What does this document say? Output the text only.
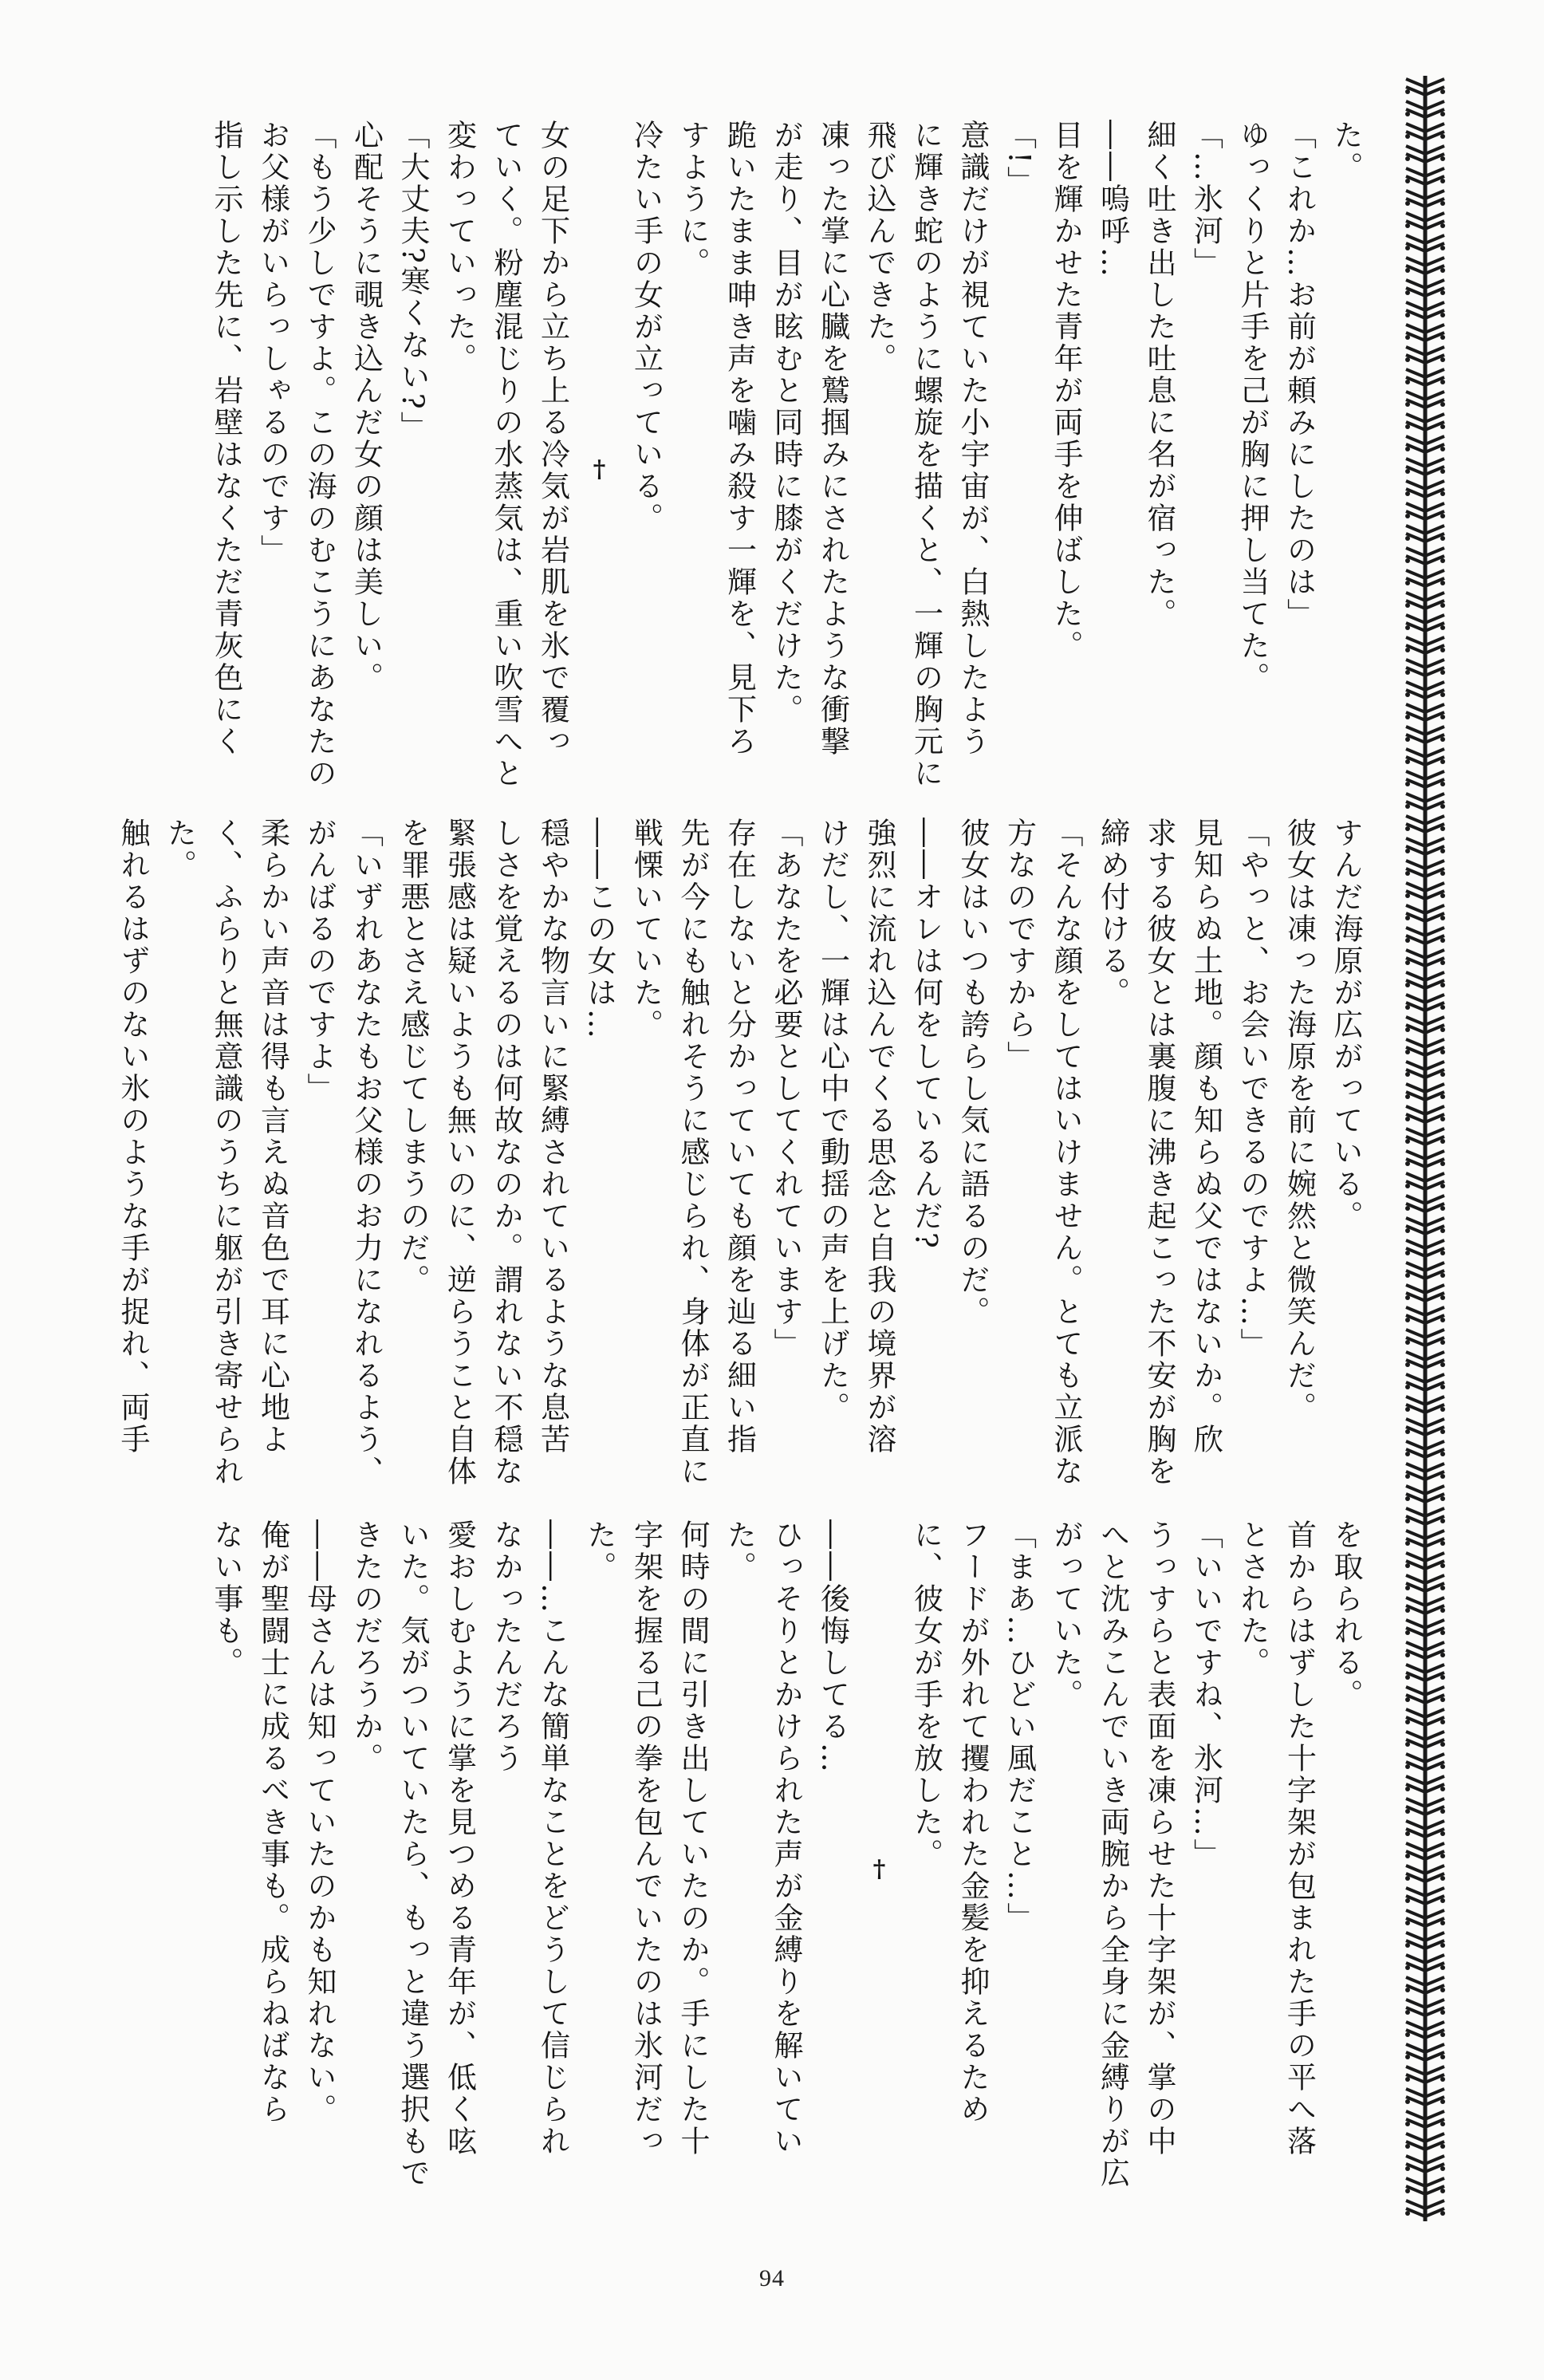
た。
「これか…お前が頼みにしたのは」
ゆっくりと片手を己が胸に押し当てた。
「…氷河」
細く吐き出した吐息に名が宿った。
――嗚呼…
目を輝かせた青年が両手を伸ばした。
「!」
意識だけが視ていた小宇宙が、白熱したよう
に輝き蛇のように螺旋を描くと、一輝の胸元に
飛び込んできた。
凍った掌に心臓を鷲掴みにされたような衝撃
が走り、目が眩むと同時に膝がくだけた。
跪いたまま呻き声を噛み殺す一輝を、見下ろ
すように。
冷たい手の女が立っている。
†
女の足下から立ち上る冷気が岩肌を氷で覆っ
ていく。粉塵混じりの水蒸気は、重い吹雪へと
変わっていった。
「大丈夫?寒くない?」
心配そうに覗き込んだ女の顔は美しい。
「もう少しですよ。この海のむこうにあなたの
お父様がいらっしゃるのです」
指し示した先に、岩壁はなくただ青灰色にく
すんだ海原が広がっている。
彼女は凍った海原を前に婉然と微笑んだ。
「やっと、お会いできるのですよ…」
見知らぬ土地。顔も知らぬ父ではないか。欣
求する彼女とは裏腹に沸き起こった不安が胸を
締め付ける。
「そんな顔をしてはいけません。とても立派な
方なのですから」
彼女はいつも誇らし気に語るのだ。
――オレは何をしているんだ?
強烈に流れ込んでくる思念と自我の境界が溶
けだし、一輝は心中で動揺の声を上げた。
「あなたを必要としてくれています」
存在しないと分かっていても顔を辿る細い指
先が今にも触れそうに感じられ、身体が正直に
戦慄いていた。
――この女は…
穏やかな物言いに緊縛されているような息苦
しさを覚えるのは何故なのか。謂れない不穏な
緊張感は疑いようも無いのに、逆らうこと自体
を罪悪とさえ感じてしまうのだ。
「いずれあなたもお父様のお力になれるよう、
がんばるのですよ」
柔らかい声音は得も言えぬ音色で耳に心地よ
く、ふらりと無意識のうちに躯が引き寄せられ
た。
触れるはずのない氷のような手が捉れ、両手
を取られる。
首からはずした十字架が包まれた手の平へ落
とされた。
「いいですね、氷河…」
うっすらと表面を凍らせた十字架が、掌の中
へと沈みこんでいき両腕から全身に金縛りが広
がっていた。
「まあ…ひどい風だこと…」
フードが外れて攫われた金髪を抑えるため
に、彼女が手を放した。
†
――後悔してる…
ひっそりとかけられた声が金縛りを解いてい
た。
何時の間に引き出していたのか。手にした十
字架を握る己の拳を包んでいたのは氷河だっ
た。
――…こんな簡単なことをどうして信じられ
なかったんだろう
愛おしむように掌を見つめる青年が、低く呟
いた。気がついていたら、もっと違う選択もで
きたのだろうか。
――母さんは知っていたのかも知れない。
俺が聖闘士に成るべき事も。成らねばなら
ない事も。
94
